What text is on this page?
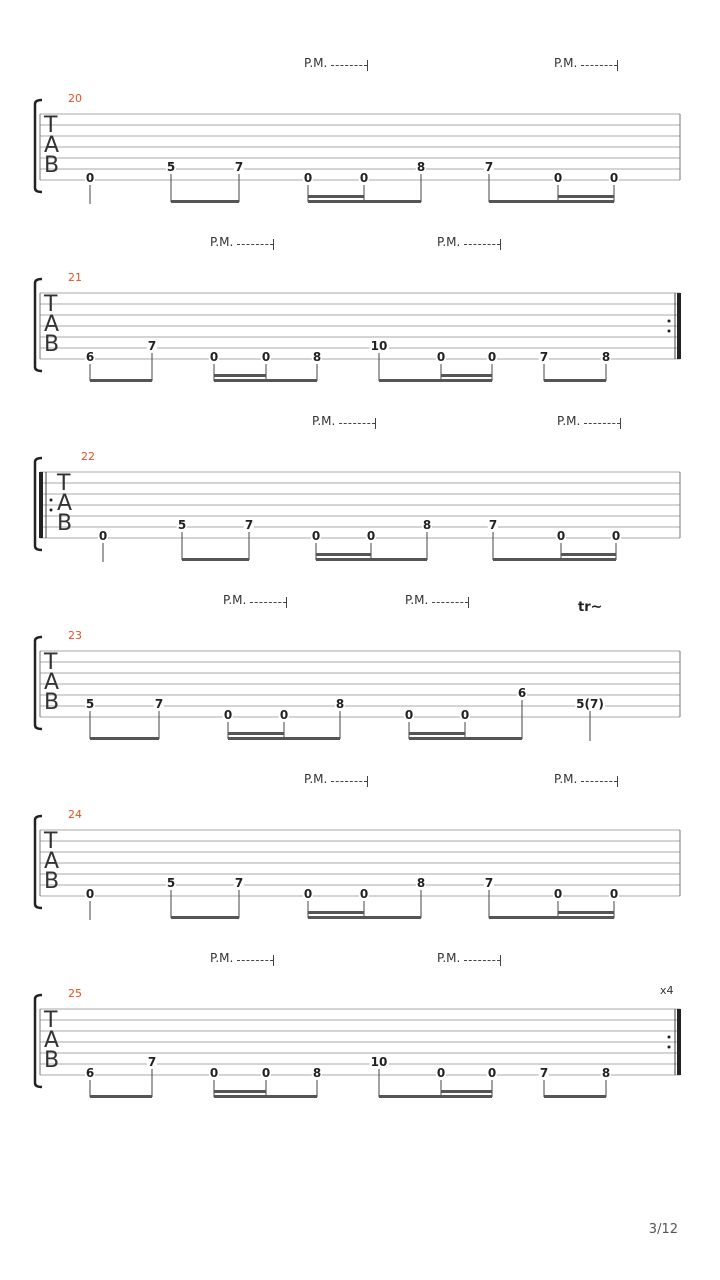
P.M.	P.M.
20
T
A
B 0
5	7
0	0
8	7
0	0
P.M.	P.M.
21
T
A
B 6
7
0	0	8
10
0	0	7	8
P.M.	P.M.
22
T
A
B 0
5	7
0	0
8	7
0	0
P.M.	P.M.	tr∼
23
T
A
B 5	7
0	0
8
0	0
6
5(7)
P.M.	P.M.
24
T
A
B 0
5	7
0	0
8	7
0	0
P.M.	P.M.
x4
25
T
A
B 6
7
0	0	8
10
0	0	7	8
3/12
